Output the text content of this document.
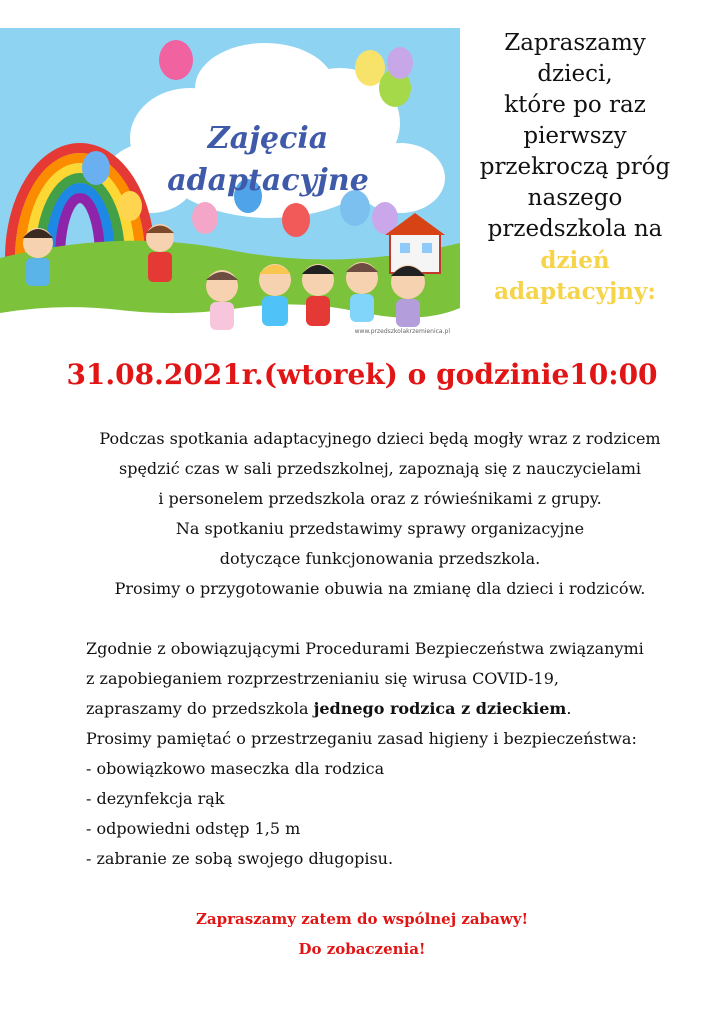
Zajęcia
adaptacyjne
www.przedszkolakrzemienica.pl
Zapraszamy
dzieci,
które po raz
pierwszy
przekroczą próg
naszego
przedszkola na
dzień
adaptacyjny:
31.08.2021r.(wtorek) o godzinie10:00
Podczas spotkania adaptacyjnego dzieci będą mogły wraz z rodzicem
spędzić czas w sali przedszkolnej, zapoznają się z nauczycielami
i personelem przedszkola oraz z rówieśnikami z grupy.
Na spotkaniu przedstawimy sprawy organizacyjne
dotyczące funkcjonowania przedszkola.
Prosimy o przygotowanie obuwia na zmianę dla dzieci i rodziców.
Zgodnie z obowiązującymi Procedurami Bezpieczeństwa związanymi
z zapobieganiem rozprzestrzenianiu się wirusa COVID-19,
zapraszamy do przedszkola jednego rodzica z dzieckiem.
Prosimy pamiętać o przestrzeganiu zasad higieny i bezpieczeństwa:
- obowiązkowo maseczka dla rodzica
- dezynfekcja rąk
- odpowiedni odstęp 1,5 m
- zabranie ze sobą swojego długopisu.
Zapraszamy zatem do wspólnej zabawy!
Do zobaczenia!
